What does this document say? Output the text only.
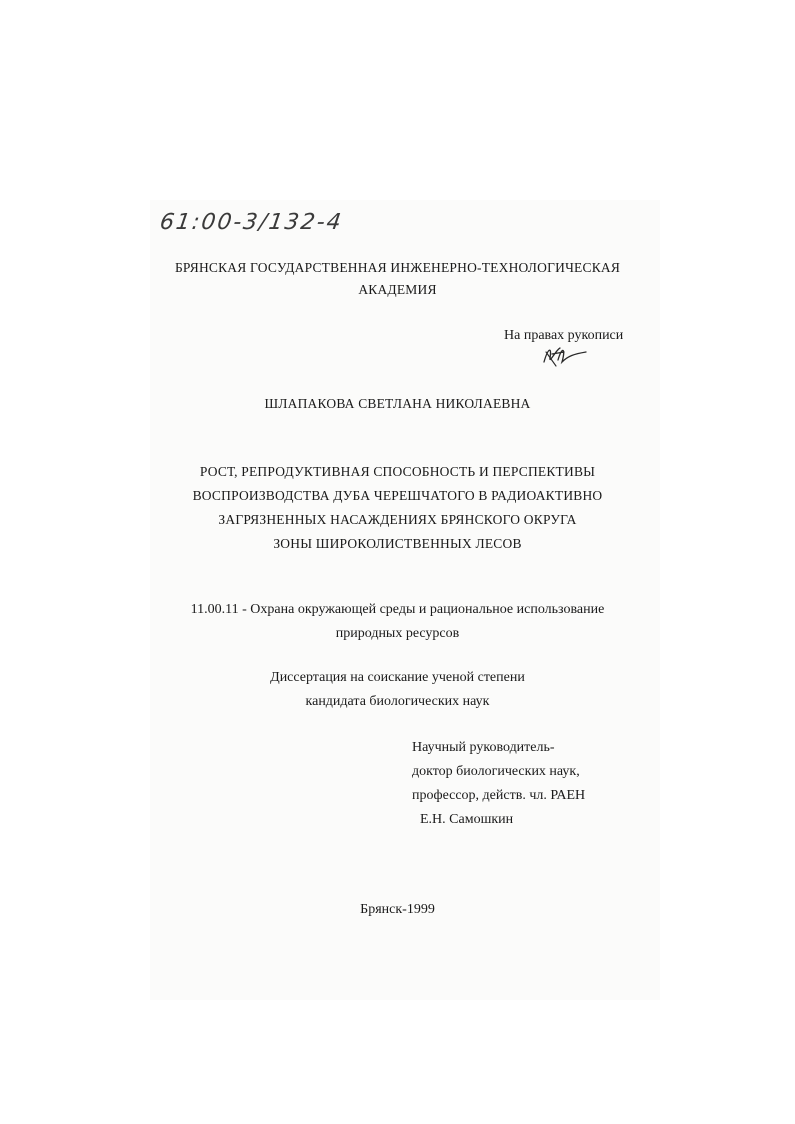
61:00-3/132-4
БРЯНСКАЯ ГОСУДАРСТВЕННАЯ ИНЖЕНЕРНО-ТЕХНОЛОГИЧЕСКАЯ
АКАДЕМИЯ
На правах рукописи
ШЛАПАКОВА СВЕТЛАНА НИКОЛАЕВНА
РОСТ, РЕПРОДУКТИВНАЯ СПОСОБНОСТЬ И ПЕРСПЕКТИВЫ
ВОСПРОИЗВОДСТВА ДУБА ЧЕРЕШЧАТОГО В РАДИОАКТИВНО
ЗАГРЯЗНЕННЫХ НАСАЖДЕНИЯХ БРЯНСКОГО ОКРУГА
ЗОНЫ ШИРОКОЛИСТВЕННЫХ ЛЕСОВ
11.00.11 - Охрана окружающей среды и рациональное использование
природных ресурсов
Диссертация на соискание ученой степени
кандидата биологических наук
Научный руководитель-
доктор биологических наук,
профессор, действ. чл. РАЕН
Е.Н. Самошкин
Брянск-1999
